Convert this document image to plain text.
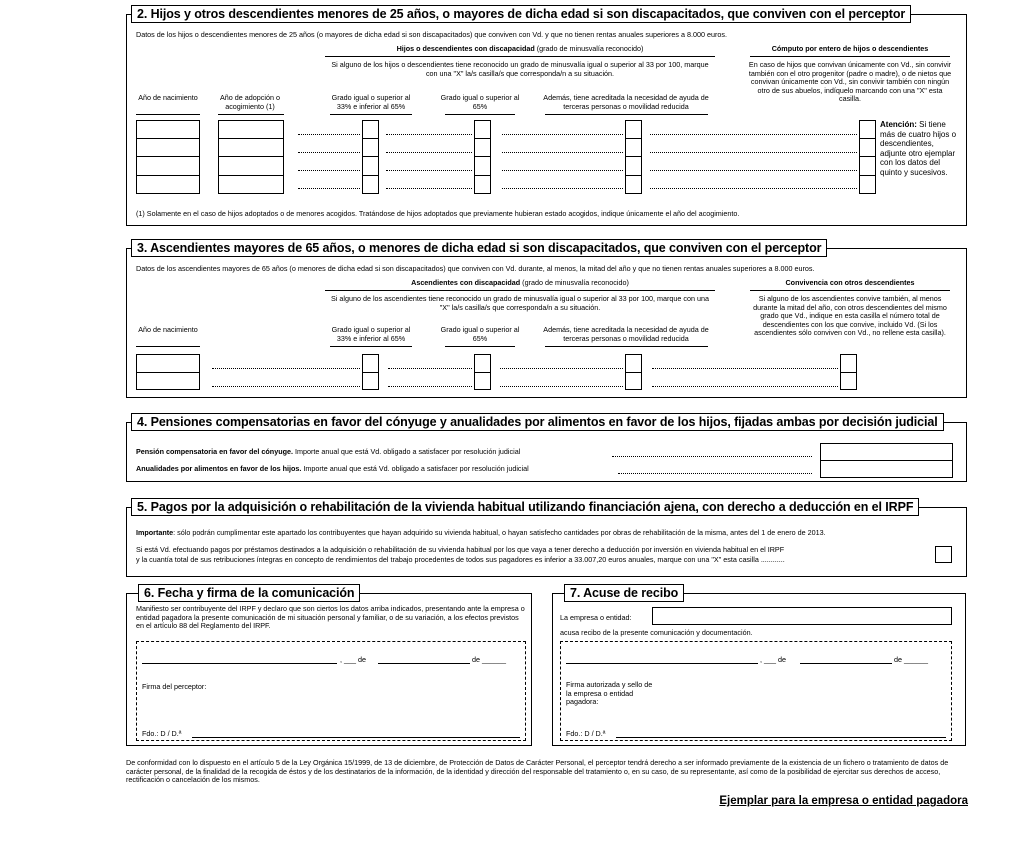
2. Hijos y otros descendientes menores de 25 años, o mayores de dicha edad si son discapacitados, que conviven con el perceptor
Datos de los hijos o descendientes menores de 25 años (o mayores de dicha edad si son discapacitados) que conviven con Vd. y que no tienen rentas anuales superiores a 8.000 euros.
Hijos o descendientes con discapacidad (grado de minusvalía reconocido)	Cómputo por entero de hijos o descendientes
Si alguno de los hijos o descendientes tiene reconocido un grado de minusvalía igual o superior al 33 por 100, marque con una "X" la/s casilla/s que corresponda/n a su situación.
En caso de hijos que convivan únicamente con Vd., sin convivir también con el otro progenitor (padre o madre), o de nietos que convivan únicamente con Vd., sin convivir también con ningún otro de sus abuelos, indíquelo marcando con una "X" esta casilla.
Año de nacimiento	Año de adopción o acogimiento (1)
Grado igual o superior al 33% e inferior al 65%
Grado igual o superior al 65%
Además, tiene acreditada la necesidad de ayuda de terceras personas o movilidad reducida
Atención: Si tiene más de cuatro hijos o descendientes, adjunte otro ejemplar con los datos del quinto y sucesivos.
(1) Solamente en el caso de hijos adoptados o de menores acogidos. Tratándose de hijos adoptados que previamente hubieran estado acogidos, indique únicamente el año del acogimiento.
3. Ascendientes mayores de 65 años, o menores de dicha edad si son discapacitados, que conviven con el perceptor
Datos de los ascendientes mayores de 65 años (o menores de dicha edad si son discapacitados) que conviven con Vd. durante, al menos, la mitad del año y que no tienen rentas anuales superiores a 8.000 euros.
Ascendientes con discapacidad (grado de minusvalía reconocido)	Convivencia con otros descendientes
Si alguno de los ascendientes tiene reconocido un grado de minusvalía igual o superior al 33 por 100, marque con una "X" la/s casilla/s que corresponda/n a su situación.
Si alguno de los ascendientes convive también, al menos durante la mitad del año, con otros descendientes del mismo grado que Vd., indique en esta casilla el número total de descendientes con los que convive, incluido Vd. (Si los ascendientes sólo conviven con Vd., no rellene esta casilla).
Año de nacimiento	Grado igual o superior al 33% e inferior al 65%
Grado igual o superior al 65%
Además, tiene acreditada la necesidad de ayuda de terceras personas o movilidad reducida
4. Pensiones compensatorias en favor del cónyuge y anualidades por alimentos en favor de los hijos, fijadas ambas por decisión judicial
Pensión compensatoria en favor del cónyuge. Importe anual que está Vd. obligado a satisfacer por resolución judicial
Anualidades por alimentos en favor de los hijos. Importe anual que está Vd. obligado a satisfacer por resolución judicial
5. Pagos por la adquisición o rehabilitación de la vivienda habitual utilizando financiación ajena, con derecho a deducción en el IRPF
Importante: sólo podrán cumplimentar este apartado los contribuyentes que hayan adquirido su vivienda habitual, o hayan satisfecho cantidades por obras de rehabilitación de la misma, antes del 1 de enero de 2013.
Si está Vd. efectuando pagos por préstamos destinados a la adquisición o rehabilitación de su vivienda habitual por los que vaya a tener derecho a deducción por inversión en vivienda habitual en el IRPF
y la cuantía total de sus retribuciones íntegras en concepto de rendimientos del trabajo procedentes de todos sus pagadores es inferior a 33.007,20 euros anuales, marque con una "X" esta casilla ............
6. Fecha y firma de la comunicación
Manifiesto ser contribuyente del IRPF y declaro que son ciertos los datos arriba indicados, presentando ante la empresa o entidad pagadora la presente comunicación de mi situación personal y familiar, o de su variación, a los efectos previstos en el artículo 88 del Reglamento del IRPF.
, ___ de	de ______
Firma del perceptor:
Fdo.: D / D.ª
7. Acuse de recibo
La empresa o entidad:
acusa recibo de la presente comunicación y documentación.
, ___ de	de ______
Firma autorizada y sello de la empresa o entidad pagadora:
Fdo.: D / D.ª
De conformidad con lo dispuesto en el artículo 5 de la Ley Orgánica 15/1999, de 13 de diciembre, de Protección de Datos de Carácter Personal, el perceptor tendrá derecho a ser informado previamente de la existencia de un fichero o tratamiento de datos de carácter personal, de la finalidad de la recogida de éstos y de los destinatarios de la información, de la identidad y dirección del responsable del tratamiento o, en su caso, de su representante, así como de la posibilidad de ejercitar sus derechos de acceso, rectificación o cancelación de los mismos.
Ejemplar para la empresa o entidad pagadora
